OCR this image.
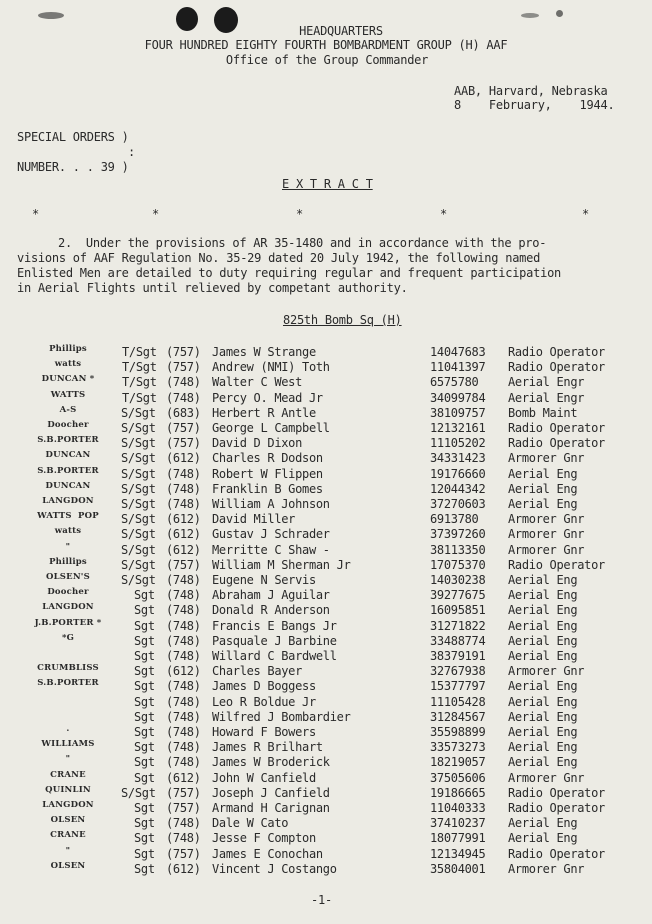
HEADQUARTERS
FOUR HUNDRED EIGHTY FOURTH BOMBARDMENT GROUP (H) AAF
Office of the Group Commander
AAB, Harvard, Nebraska
8    February,    1944.
SPECIAL ORDERS )
:
NUMBER. . . 39 )
E X T R A C T
*	*	*	*	*
2.  Under the provisions of AR 35-1480 and in accordance with the pro-
visions of AAF Regulation No. 35-29 dated 20 July 1942, the following named
Enlisted Men are detailed to duty requiring regular and frequent participation
in Aerial Flights until relieved by competant authority.
825th Bomb Sq (H)
Phillips	T/Sgt (757) James W Strange	14047683 Radio Operator
watts	T/Sgt (757) Andrew (NMI) Toth	11041397 Radio Operator
DUNCAN *	T/Sgt (748) Walter C West	6575780 Aerial Engr
WATTS	T/Sgt (748) Percy O. Mead Jr	34099784 Aerial Engr
A-S	S/Sgt (683) Herbert R Antle	38109757 Bomb Maint
Doocher	S/Sgt (757) George L Campbell	12132161 Radio Operator
S.B.PORTER	S/Sgt (757) David D Dixon	11105202 Radio Operator
DUNCAN	S/Sgt (612) Charles R Dodson	34331423 Armorer Gnr
S.B.PORTER	S/Sgt (748) Robert W Flippen	19176660 Aerial Eng
DUNCAN	S/Sgt (748) Franklin B Gomes	12044342 Aerial Eng
LANGDON	S/Sgt (748) William A Johnson	37270603 Aerial Eng
WATTS  POP	S/Sgt (612) David Miller	6913780 Armorer Gnr
watts	S/Sgt (612) Gustav J Schrader	37397260 Armorer Gnr
"	S/Sgt (612) Merritte C Shaw -	38113350 Armorer Gnr
Phillips	S/Sgt (757) William M Sherman Jr	17075370 Radio Operator
OLSEN'S	S/Sgt (748) Eugene N Servis	14030238 Aerial Eng
Doocher	Sgt (748) Abraham J Aguilar	39277675 Aerial Eng
LANGDON	Sgt (748) Donald R Anderson	16095851 Aerial Eng
J.B.PORTER *	Sgt (748) Francis E Bangs Jr	31271822 Aerial Eng
*G	Sgt (748) Pasquale J Barbine	33488774 Aerial Eng
Sgt (748) Willard C Bardwell	38379191 Aerial Eng
CRUMBLISS	Sgt (612) Charles Bayer	32767938 Armorer Gnr
S.B.PORTER	Sgt (748) James D Boggess	15377797 Aerial Eng
Sgt (748) Leo R Boldue Jr	11105428 Aerial Eng
Sgt (748) Wilfred J Bombardier	31284567 Aerial Eng
.	Sgt (748) Howard F Bowers	35598899 Aerial Eng
WILLIAMS	Sgt (748) James R Brilhart	33573273 Aerial Eng
"	Sgt (748) James W Broderick	18219057 Aerial Eng
CRANE	Sgt (612) John W Canfield	37505606 Armorer Gnr
QUINLIN	S/Sgt (757) Joseph J Canfield	19186665 Radio Operator
LANGDON	Sgt (757) Armand H Carignan	11040333 Radio Operator
OLSEN	Sgt (748) Dale W Cato	37410237 Aerial Eng
CRANE	Sgt (748) Jesse F Compton	18077991 Aerial Eng
"	Sgt (757) James E Conochan	12134945 Radio Operator
OLSEN	Sgt (612) Vincent J Costango	35804001 Armorer Gnr
-1-
